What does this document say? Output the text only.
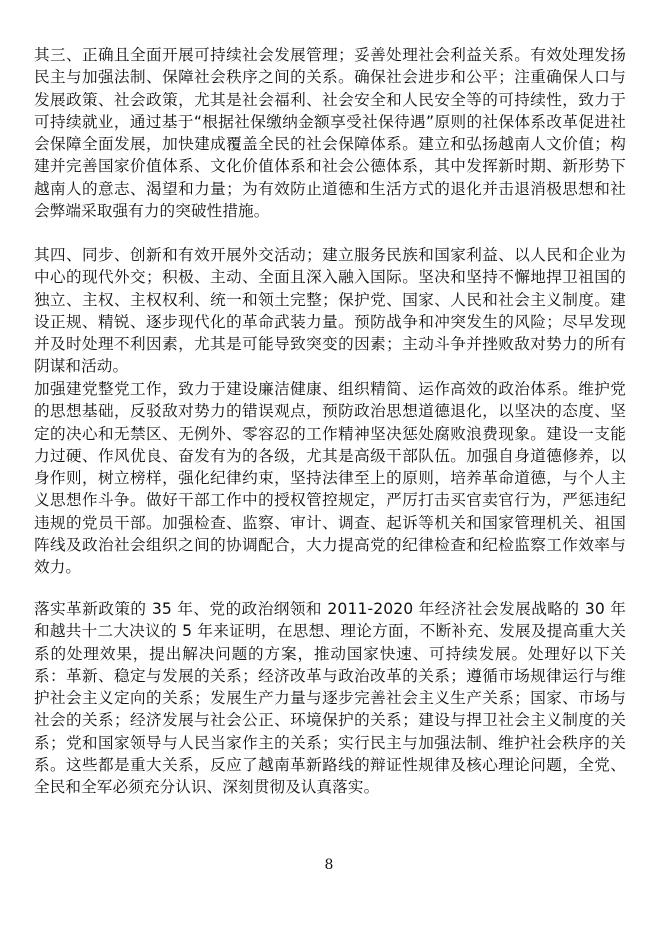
其三、正确且全面开展可持续社会发展管理；妥善处理社会利益关系。有效处理发扬民主与加强法制、保障社会秩序之间的关系。确保社会进步和公平；注重确保人口与发展政策、社会政策，尤其是社会福利、社会安全和人民安全等的可持续性，致力于可持续就业，通过基于“根据社保缴纳金额享受社保待遇”原则的社保体系改革促进社会保障全面发展，加快建成覆盖全民的社会保障体系。建立和弘扬越南人文价值；构建并完善国家价值体系、文化价值体系和社会公德体系，其中发挥新时期、新形势下越南人的意志、渴望和力量；为有效防止道德和生活方式的退化并击退消极思想和社会弊端采取强有力的突破性措施。

其四、同步、创新和有效开展外交活动；建立服务民族和国家利益、以人民和企业为中心的现代外交；积极、主动、全面且深入融入国际。坚决和坚持不懈地捍卫祖国的独立、主权、主权权利、统一和领土完整；保护党、国家、人民和社会主义制度。建设正规、精锐、逐步现代化的革命武装力量。预防战争和冲突发生的风险；尽早发现并及时处理不利因素，尤其是可能导致突变的因素；主动斗争并挫败敌对势力的所有阴谋和活动。

加强建党整党工作，致力于建设廉洁健康、组织精简、运作高效的政治体系。维护党的思想基础，反驳敌对势力的错误观点，预防政治思想道德退化，以坚决的态度、坚定的决心和无禁区、无例外、零容忍的工作精神坚决惩处腐败浪费现象。建设一支能力过硬、作风优良、奋发有为的各级，尤其是高级干部队伍。加强自身道德修养，以身作则，树立榜样，强化纪律约束，坚持法律至上的原则，培养革命道德，与个人主义思想作斗争。做好干部工作中的授权管控规定，严厉打击买官卖官行为，严惩违纪违规的党员干部。加强检查、监察、审计、调查、起诉等机关和国家管理机关、祖国阵线及政治社会组织之间的协调配合，大力提高党的纪律检查和纪检监察工作效率与效力。

落实革新政策的 35 年、党的政治纲领和 2011-2020 年经济社会发展战略的 30 年和越共十二大决议的 5 年来证明，在思想、理论方面，不断补充、发展及提高重大关系的处理效果，提出解决问题的方案，推动国家快速、可持续发展。处理好以下关系：革新、稳定与发展的关系；经济改革与政治改革的关系；遵循市场规律运行与维护社会主义定向的关系；发展生产力量与逐步完善社会主义生产关系；国家、市场与社会的关系；经济发展与社会公正、环境保护的关系；建设与捍卫社会主义制度的关系；党和国家领导与人民当家作主的关系；实行民主与加强法制、维护社会秩序的关系。这些都是重大关系，反应了越南革新路线的辩证性规律及核心理论问题，全党、全民和全军必须充分认识、深刻贯彻及认真落实。

8
